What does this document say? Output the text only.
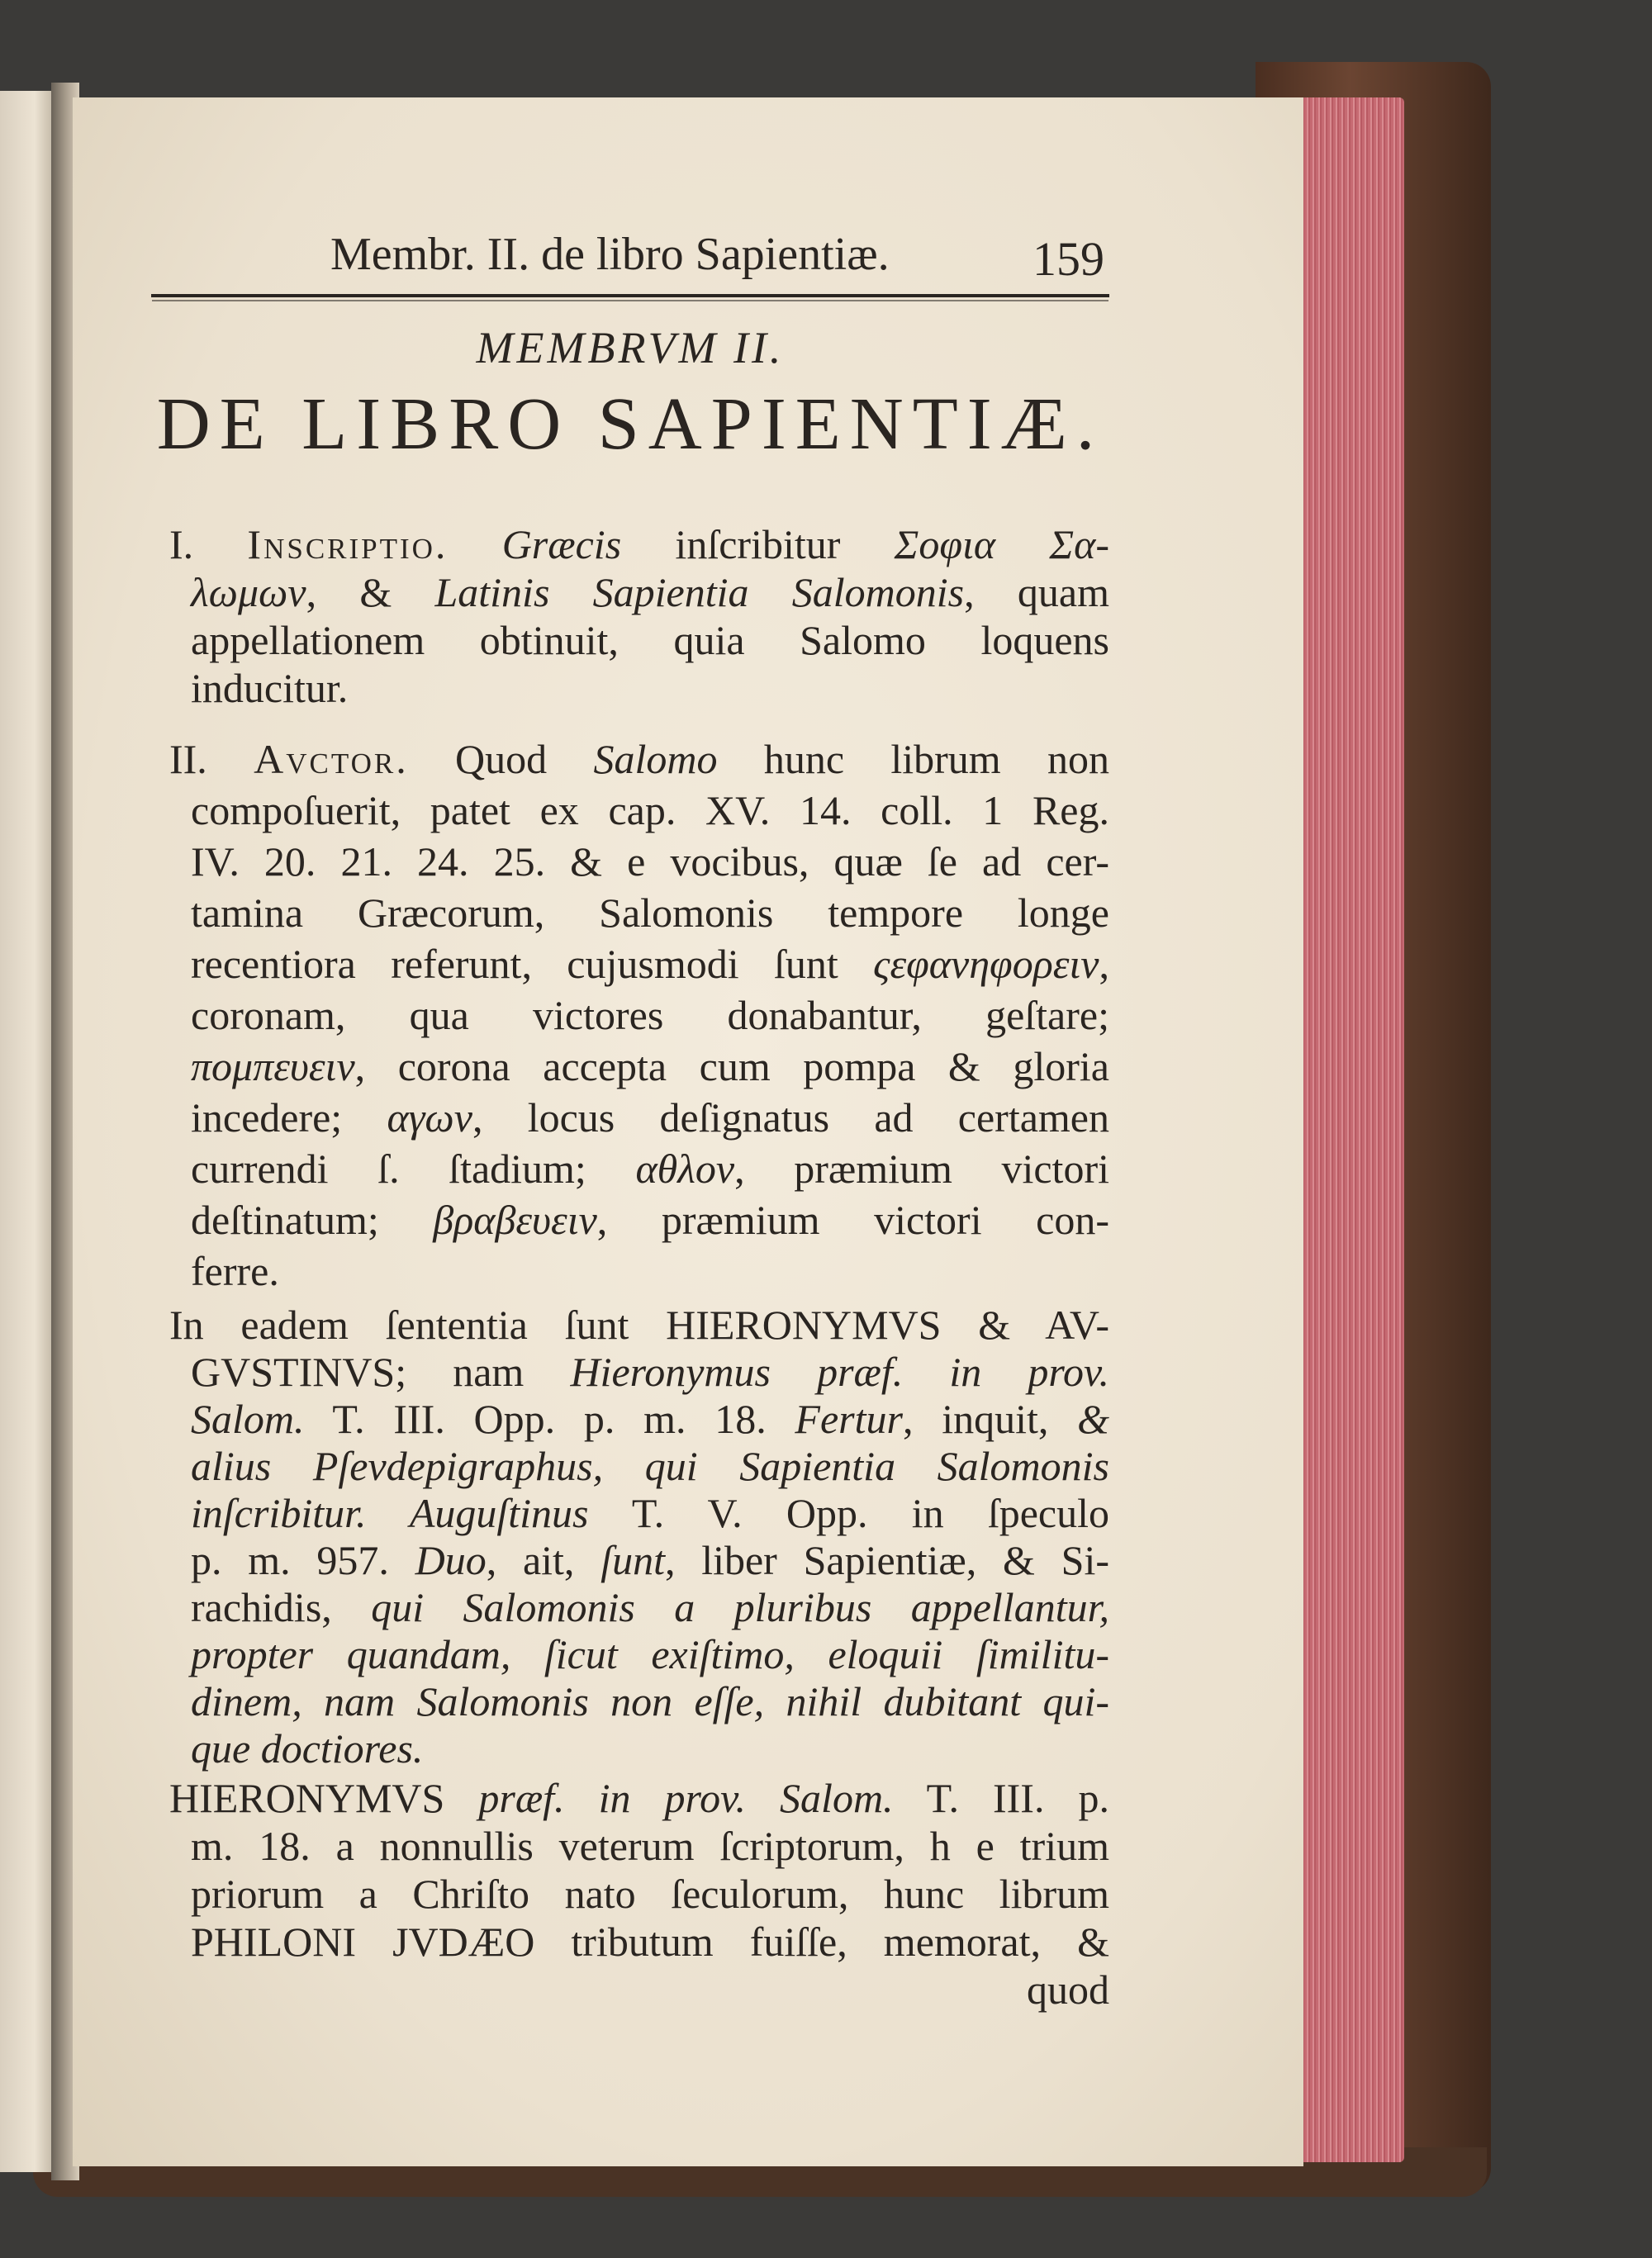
Membr. II. de libro Sapientiæ.	159
MEMBRVM II.
DE LIBRO SAPIENTIÆ.
I. Inscriptio. Græcis inſcribitur Σοφια Σα-
λωμων, & Latinis Sapientia Salomonis, quam
appellationem obtinuit, quia Salomo loquens
inducitur.
II. Avctor. Quod Salomo hunc librum non
compoſuerit, patet ex cap. XV. 14. coll. 1 Reg.
IV. 20. 21. 24. 25. & e vocibus, quæ ſe ad cer-
tamina Græcorum, Salomonis tempore longe
recentiora referunt, cujusmodi ſunt ςεφανηφορειν,
coronam, qua victores donabantur, geſtare;
πομπευειν, corona accepta cum pompa & gloria
incedere; αγων, locus deſignatus ad certamen
currendi ſ. ſtadium; αθλον, præmium victori
deſtinatum; βραβευειν, præmium victori con-
ferre.
In eadem ſententia ſunt HIERONYMVS & AV-
GVSTINVS; nam Hieronymus præf. in prov.
Salom. T. III. Opp. p. m. 18. Fertur, inquit, &
alius Pſevdepigraphus, qui Sapientia Salomonis
inſcribitur. Auguſtinus T. V. Opp. in ſpeculo
p. m. 957. Duo, ait, ſunt, liber Sapientiæ, & Si-
rachidis, qui Salomonis a pluribus appellantur,
propter quandam, ſicut exiſtimo, eloquii ſimilitu-
dinem, nam Salomonis non eſſe, nihil dubitant qui-
que doctiores.
HIERONYMVS præf. in prov. Salom. T. III. p.
m. 18. a nonnullis veterum ſcriptorum, h e trium
priorum a Chriſto nato ſeculorum, hunc librum
PHILONI JVDÆO tributum fuiſſe, memorat, &
quod
